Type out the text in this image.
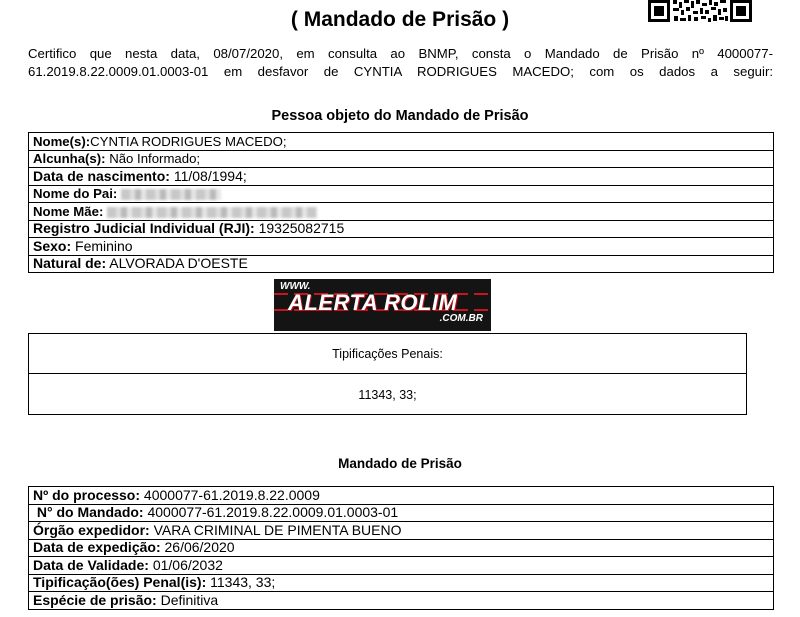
( Mandado de Prisão )
Certifico que nesta data, 08/07/2020, em consulta ao BNMP, consta o Mandado de Prisão nº 4000077-61.2019.8.22.0009.01.0003-01 em desfavor de CYNTIA RODRIGUES MACEDO; com os dados a seguir:
Pessoa objeto do Mandado de Prisão
Nome(s):CYNTIA RODRIGUES MACEDO;
Alcunha(s): Não Informado;
Data de nascimento: 11/08/1994;
Nome do Pai:
Nome Mãe:
Registro Judicial Individual (RJI): 19325082715
Sexo: Feminino
Natural de: ALVORADA D'OESTE
WWW.
ALERTA ROLIM
.COM.BR
Tipificações Penais:
11343, 33;
Mandado de Prisão
Nº do processo: 4000077-61.2019.8.22.0009
N° do Mandado: 4000077-61.2019.8.22.0009.01.0003-01
Órgão expedidor: VARA CRIMINAL DE PIMENTA BUENO
Data de expedição: 26/06/2020
Data de Validade: 01/06/2032
Tipificação(ões) Penal(is): 11343, 33;
Espécie de prisão: Definitiva
